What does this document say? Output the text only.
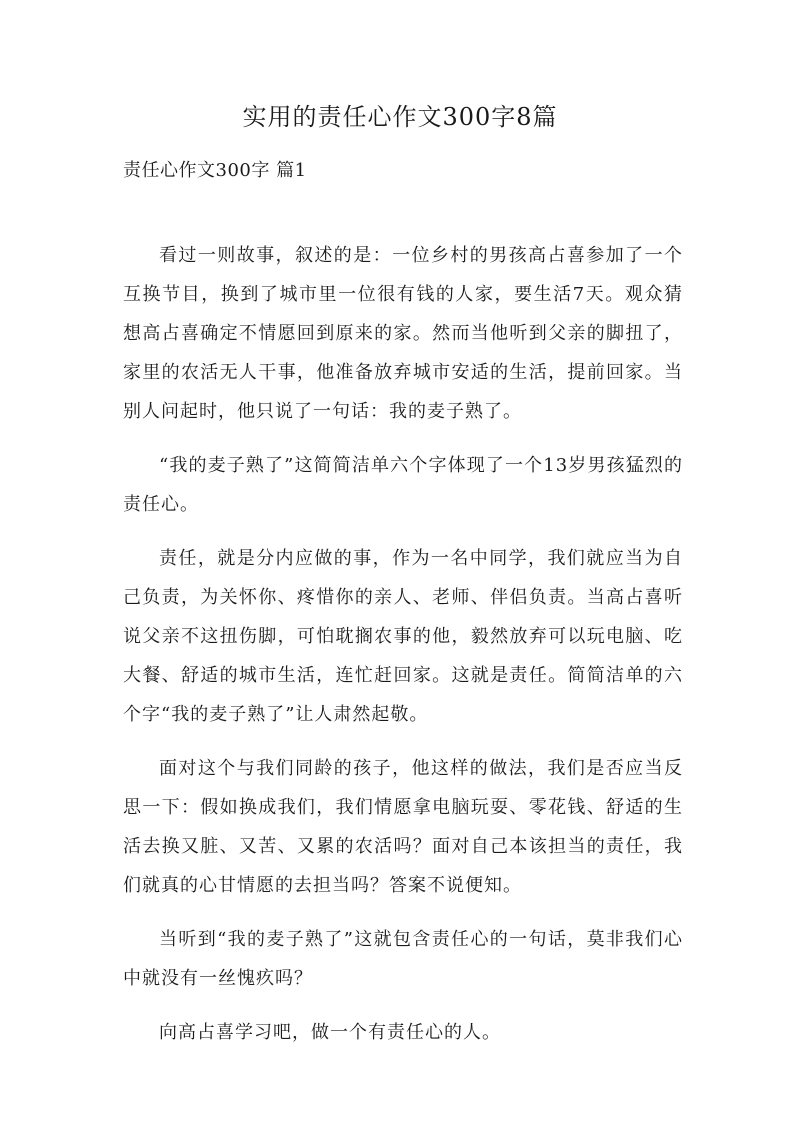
实用的责任心作文300字8篇
责任心作文300字 篇1

看过一则故事，叙述的是：一位乡村的男孩高占喜参加了一个互换节目，换到了城市里一位很有钱的人家，要生活7天。观众猜想高占喜确定不情愿回到原来的家。然而当他听到父亲的脚扭了，家里的农活无人干事，他准备放弃城市安适的生活，提前回家。当别人问起时，他只说了一句话：我的麦子熟了。

“我的麦子熟了”这简简洁单六个字体现了一个13岁男孩猛烈的责任心。

责任，就是分内应做的事，作为一名中同学，我们就应当为自己负责，为关怀你、疼惜你的亲人、老师、伴侣负责。当高占喜听说父亲不这扭伤脚，可怕耽搁农事的他，毅然放弃可以玩电脑、吃大餐、舒适的城市生活，连忙赶回家。这就是责任。简简洁单的六个字“我的麦子熟了”让人肃然起敬。

面对这个与我们同龄的孩子，他这样的做法，我们是否应当反思一下：假如换成我们，我们情愿拿电脑玩耍、零花钱、舒适的生活去换又脏、又苦、又累的农活吗？面对自己本该担当的责任，我们就真的心甘情愿的去担当吗？答案不说便知。

当听到“我的麦子熟了”这就包含责任心的一句话，莫非我们心中就没有一丝愧疚吗？

向高占喜学习吧，做一个有责任心的人。
